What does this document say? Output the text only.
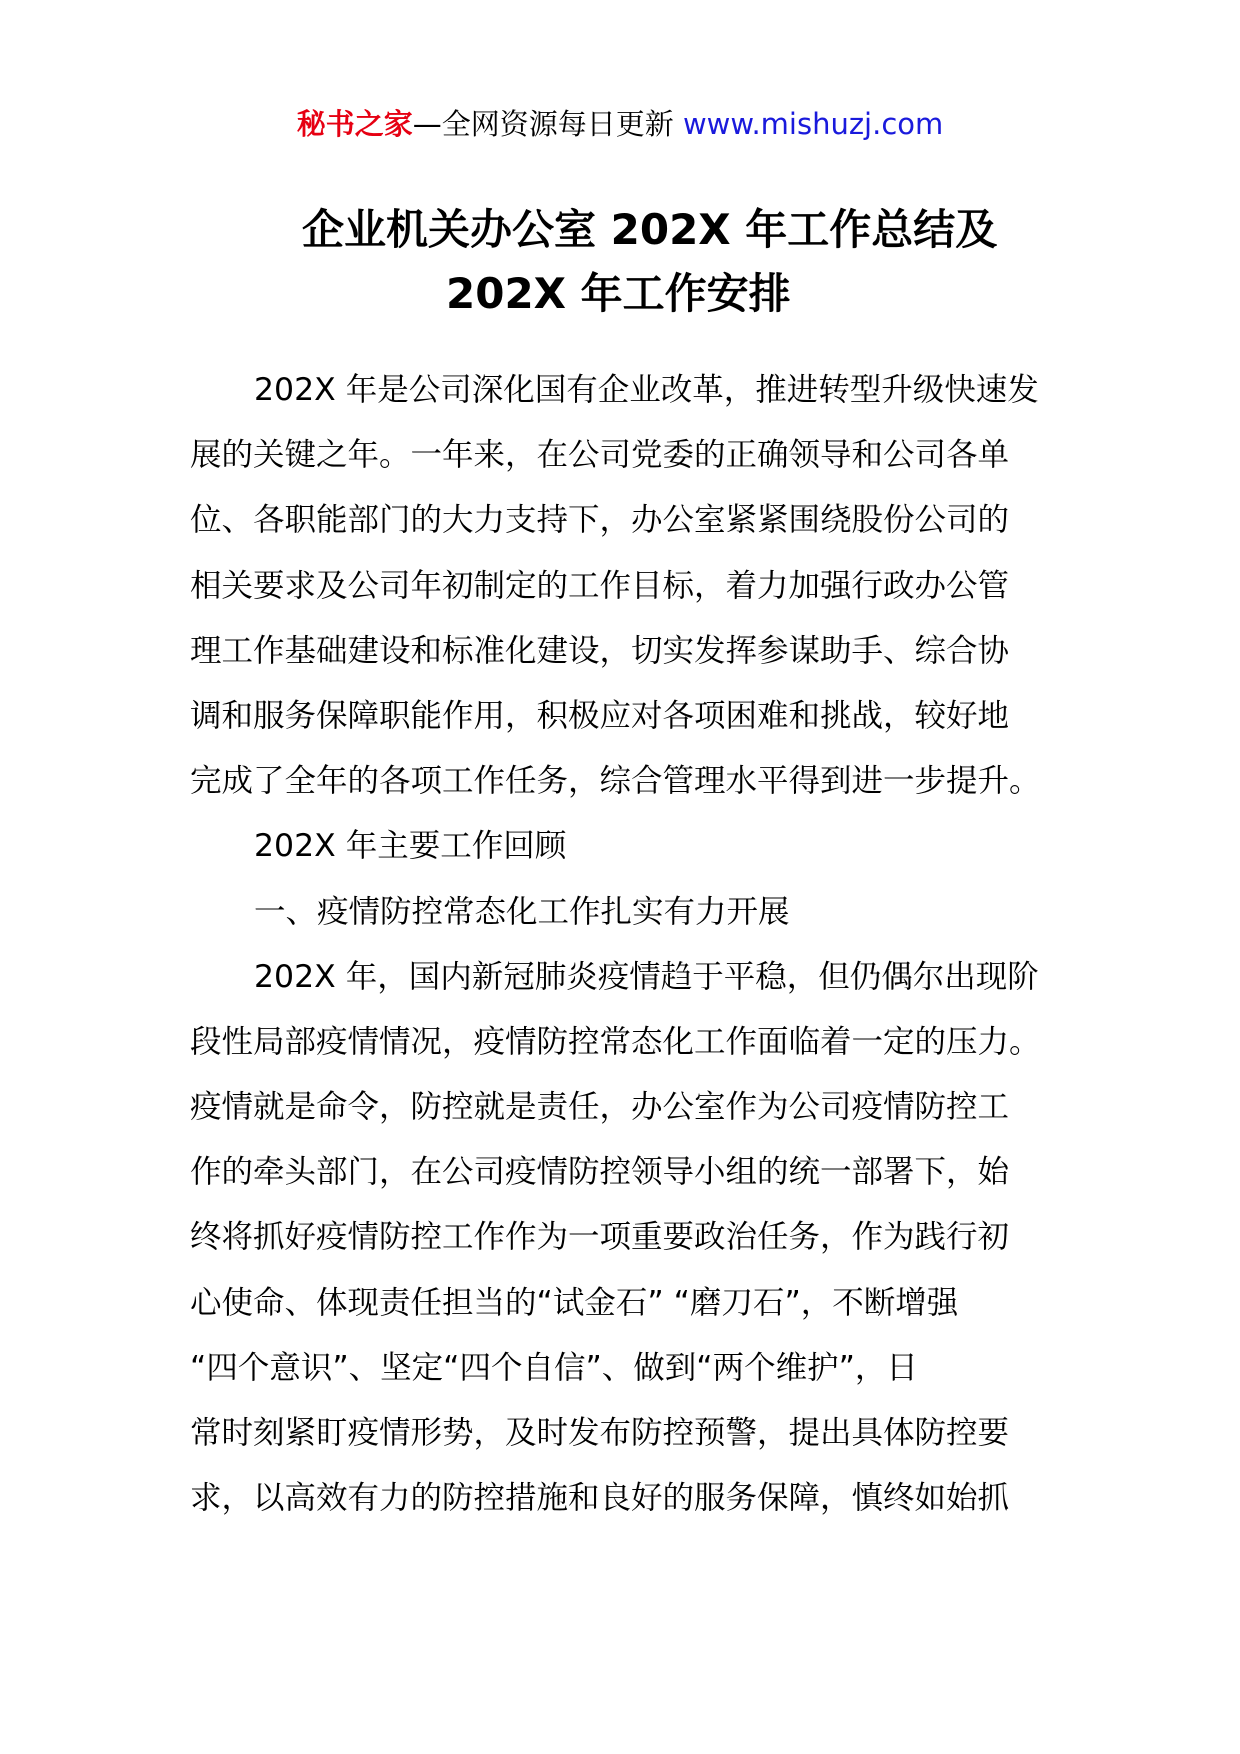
秘书之家—全网资源每日更新 www.mishuzj.com
企业机关办公室 202X 年工作总结及
202X 年工作安排
202X 年是公司深化国有企业改革，推进转型升级快速发
展的关键之年。一年来，在公司党委的正确领导和公司各单
位、各职能部门的大力支持下，办公室紧紧围绕股份公司的
相关要求及公司年初制定的工作目标，着力加强行政办公管
理工作基础建设和标准化建设，切实发挥参谋助手、综合协
调和服务保障职能作用，积极应对各项困难和挑战，较好地
完成了全年的各项工作任务，综合管理水平得到进一步提升。
202X 年主要工作回顾
一、疫情防控常态化工作扎实有力开展
202X 年，国内新冠肺炎疫情趋于平稳，但仍偶尔出现阶
段性局部疫情情况，疫情防控常态化工作面临着一定的压力。
疫情就是命令，防控就是责任，办公室作为公司疫情防控工
作的牵头部门，在公司疫情防控领导小组的统一部署下，始
终将抓好疫情防控工作作为一项重要政治任务，作为践行初
心使命、体现责任担当的“试金石” “磨刀石”，不断增强
“四个意识”、坚定“四个自信”、做到“两个维护”，日
常时刻紧盯疫情形势，及时发布防控预警，提出具体防控要
求，以高效有力的防控措施和良好的服务保障，慎终如始抓
